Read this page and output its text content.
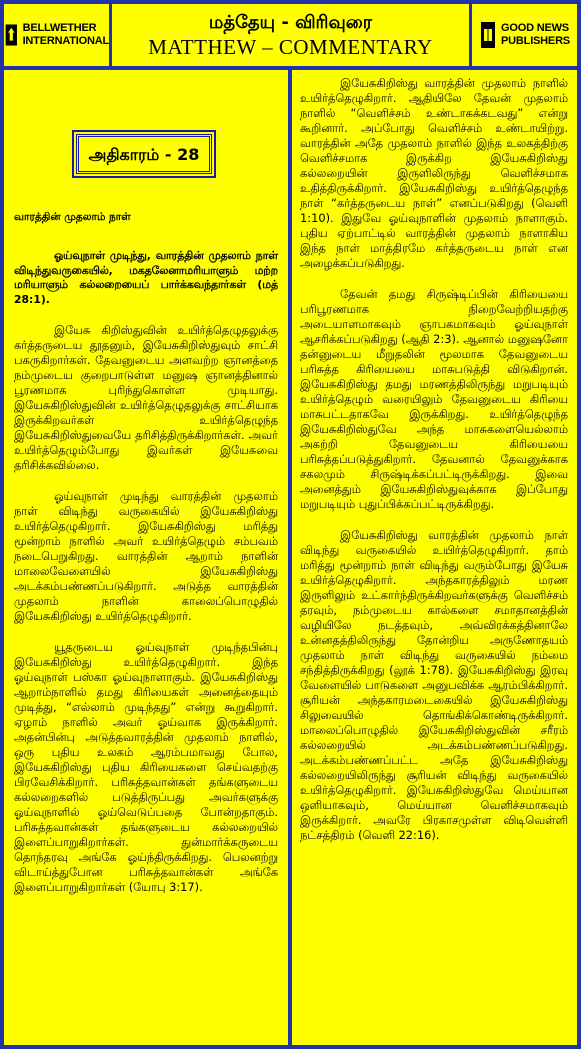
BELLWETHER
INTERNATIONAL
மத்தேயு - விரிவுரை
MATTHEW – COMMENTARY
GOOD NEWS
PUBLISHERS
அதிகாரம் - 28
வாரத்தின் முதலாம் நாள்

ஓய்வுநாள் முடிந்து, வாரத்தின் முதலாம் நாள் விடிந்துவருகையில், மகதலேனாமரியாளும் மற்ற மரியாளும் கல்லறையைப் பார்க்கவந்தார்கள் (மத் 28:1).

இயேசு கிறிஸ்துவின் உயிர்த்தெழுதலுக்கு கர்த்தருடைய தூதனும், இயேசுகிறிஸ்துவும் சாட்சி பகருகிறார்கள். தேவனுடைய அளவற்ற ஞானத்தை நம்முடைய குறைபாடுள்ள மனுஷ ஞானத்தினால் பூரணமாக புரிந்துகொள்ள முடியாது. இயேசுகிறிஸ்துவின் உயிர்த்தெழுதலுக்கு சாட்சியாக இருக்கிறவர்கள் உயிர்த்தெழுந்த இயேசுகிறிஸ்துவையே தரிசித்திருக்கிறார்கள். அவர் உயிர்த்தெழும்போது இவர்கள் இயேசுவை தரிசிக்கவில்லை.

ஓய்வுநாள் முடிந்து வாரத்தின் முதலாம் நாள் விடிந்து வருகையில் இயேசுகிறிஸ்து உயிர்த்தெழுகிறார். இயேசுகிறிஸ்து மரித்து மூன்றாம் நாளில் அவர் உயிர்த்தெழும் சம்பவம் நடைபெறுகிறது. வாரத்தின் ஆறாம் நாளின் மாலைவேளையில் இயேசுகிறிஸ்து அடக்கம்பண்ணப்படுகிறார். அடுத்த வாரத்தின் முதலாம் நாளின் காலைப்பொழுதில் இயேசுகிறிஸ்து உயிர்த்தெழுகிறார்.

யூதருடைய ஓய்வுநாள் முடிந்தபின்பு இயேசுகிறிஸ்து உயிர்த்தெழுகிறார். இந்த ஓய்வுநாள் பஸ்கா ஓய்வுநாளாகும். இயேசுகிறிஸ்து ஆறாம்நாளில் தமது கிரியைகள் அனைத்தையும் முடித்து, “எல்லாம் முடிந்தது” என்று கூறுகிறார். ஏழாம் நாளில் அவர் ஓய்வாக இருக்கிறார். அதன்பின்பு அடுத்தவாரத்தின் முதலாம் நாளில், ஒரு புதிய உலகம் ஆரம்பமாவது போல, இயேசுகிறிஸ்து புதிய கிரியைகளை செய்வதற்கு பிரவேசிக்கிறார். பரிசுத்தவான்கள் தங்களுடைய கல்லறைகளில் படுத்திருப்பது அவர்களுக்கு ஓய்வுநாளில் ஓய்வெடுப்பதை போன்றதாகும். பரிசுத்தவான்கள் தங்களுடைய கல்லறையில் இளைப்பாறுகிறார்கள். துன்மார்க்கருடைய தொந்தரவு அங்கே ஓய்ந்திருக்கிறது. பெலனற்று விடாய்த்துபோன பரிசுத்தவான்கள் அங்கே இளைப்பாறுகிறார்கள் (யோபு 3:17).

இயேசுகிறிஸ்து வாரத்தின் முதலாம் நாளில் உயிர்த்தெழுகிறார். ஆதியிலே தேவன் முதலாம் நாளில் “வெளிச்சம் உண்டாகக்கடவது” என்று கூறினார். அப்போது வெளிச்சம் உண்டாயிற்று. வாரத்தின் அதே முதலாம் நாளில் இந்த உலகத்திற்கு வெளிச்சமாக இருக்கிற இயேசுகிறிஸ்து கல்லறையின் இருளிலிருந்து வெளிச்சமாக உதித்திருக்கிறார். இயேசுகிறிஸ்து உயிர்த்தெழுந்த நாள் “கர்த்தருடைய நாள்” எனப்படுகிறது (வெளி 1:10). இதுவே ஓய்வுநாளின் முதலாம் நாளாகும். புதிய ஏற்பாட்டில் வாரத்தின் முதலாம் நாளாகிய இந்த நாள் மாத்திரமே கர்த்தருடைய நாள் என அழைக்கப்படுகிறது.

தேவன் தமது சிருஷ்டிப்பின் கிரியையை பரிபூரணமாக நிறைவேற்றியதற்கு அடையாளமாகவும் ஞாபகமாகவும் ஓய்வுநாள் ஆசரிக்கப்படுகிறது (ஆதி 2:3). ஆனால் மனுஷனோ தன்னுடைய மீறுதலின் மூலமாக தேவனுடைய பரிசுத்த கிரியையை மாசுபடுத்தி விடுகிறான். இயேசுகிறிஸ்து தமது மரணத்திலிருந்து மறுபடியும் உயிர்த்தெழும் வரையிலும் தேவனுடைய கிரியை மாசுபட்டதாகவே இருக்கிறது. உயிர்த்தெழுந்த இயேசுகிறிஸ்துவே அந்த மாசுகளையெல்லாம் அகற்றி தேவனுடைய கிரியையை பரிசுத்தப்படுத்துகிறார். தேவனால் தேவனுக்காக சகலமும் சிருஷ்டிக்கப்பட்டிருக்கிறது. இவை அனைத்தும் இயேசுகிறிஸ்துவுக்காக இப்போது மறுபடியும் புதுப்பிக்கப்பட்டிருக்கிறது.

இயேசுகிறிஸ்து வாரத்தின் முதலாம் நாள் விடிந்து வருகையில் உயிர்த்தெழுகிறார். தாம் மரித்து மூன்றாம் நாள் விடிந்து வரும்போது இயேசு உயிர்த்தெழுகிறார். அந்தகாரத்திலும் மரண இருளிலும் உட்கார்ந்திருக்கிறவர்களுக்கு வெளிச்சம் தரவும், நம்முடைய கால்களை சமாதானத்தின் வழியிலே நடத்தவும், அவ்விரக்கத்தினாலே உன்னதத்திலிருந்து தோன்றிய அருணோதயம் முதலாம் நாள் விடிந்து வருகையில் நம்மை சந்தித்திருக்கிறது (லூக் 1:78). இயேசுகிறிஸ்து இரவு வேளையில் பாடுகளை அனுபவிக்க ஆரம்பிக்கிறார். சூரியன் அந்தகாரமடைகையில் இயேசுகிறிஸ்து சிலுவையில் தொங்கிக்கொண்டிருக்கிறார். மாலைப்பொழுதில் இயேசுகிறிஸ்துவின் சரீரம் கல்லறையில் அடக்கம்பண்ணப்படுகிறது. அடக்கம்பண்ணப்பட்ட அதே இயேசுகிறிஸ்து கல்லறையிலிருந்து சூரியன் விடிந்து வருகையில் உயிர்த்தெழுகிறார். இயேசுகிறிஸ்துவே மெய்யான ஒளியாகவும், மெய்யான வெளிச்சமாகவும் இருக்கிறார். அவரே பிரகாசமுள்ள விடிவெள்ளி நட்சத்திரம் (வெளி 22:16).
